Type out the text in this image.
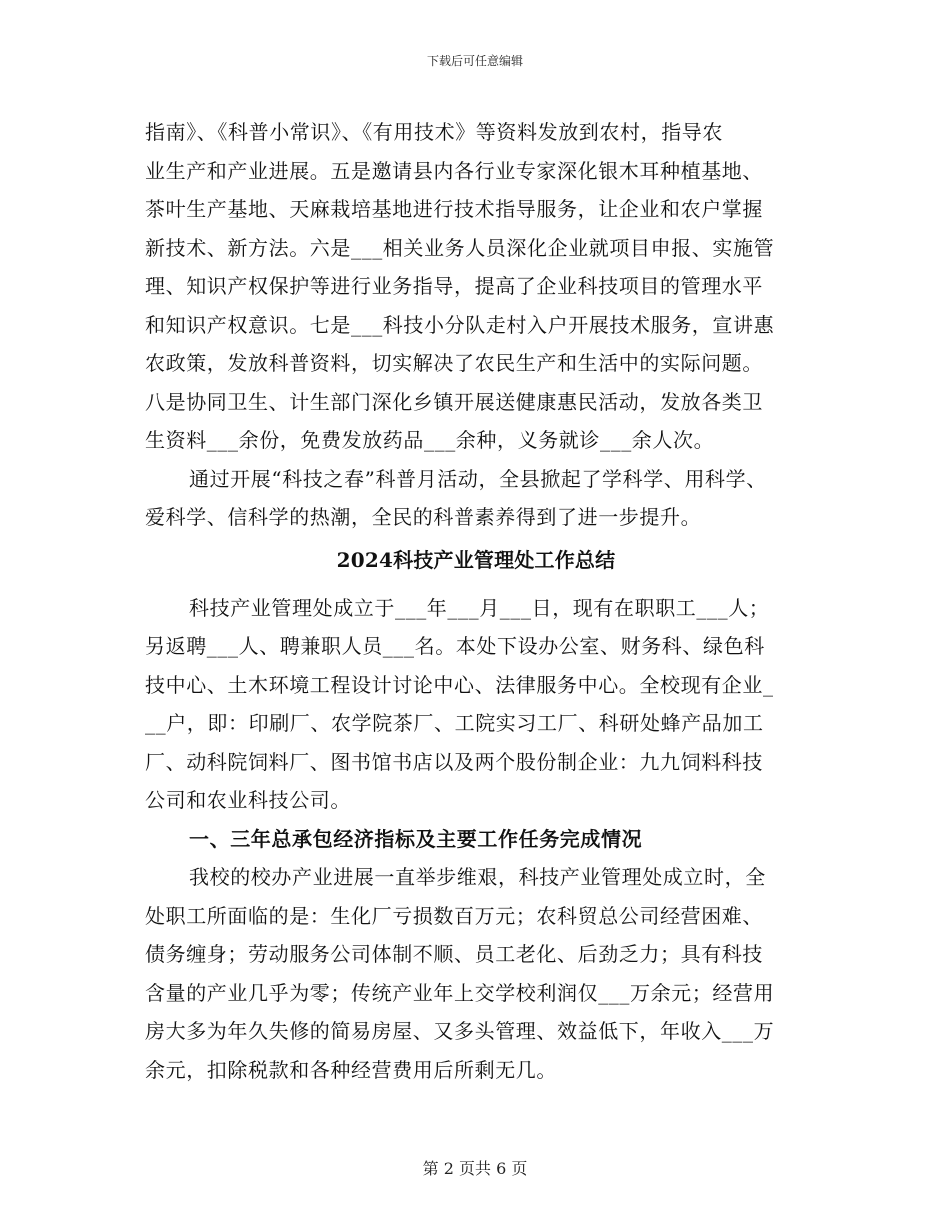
下载后可任意编辑
指南》、《科普小常识》、《有用技术》等资料发放到农村，指导农
业生产和产业进展。五是邀请县内各行业专家深化银木耳种植基地、
茶叶生产基地、天麻栽培基地进行技术指导服务，让企业和农户掌握
新技术、新方法。六是___相关业务人员深化企业就项目申报、实施管
理、知识产权保护等进行业务指导，提高了企业科技项目的管理水平
和知识产权意识。七是___科技小分队走村入户开展技术服务，宣讲惠
农政策，发放科普资料，切实解决了农民生产和生活中的实际问题。
八是协同卫生、计生部门深化乡镇开展送健康惠民活动，发放各类卫
生资料___余份，免费发放药品___余种，义务就诊___余人次。
通过开展“科技之春”科普月活动，全县掀起了学科学、用科学、
爱科学、信科学的热潮，全民的科普素养得到了进一步提升。
2024科技产业管理处工作总结
科技产业管理处成立于___年___月___日，现有在职职工___人；
另返聘___人、聘兼职人员___名。本处下设办公室、财务科、绿色科
技中心、土木环境工程设计讨论中心、法律服务中心。全校现有企业_
__户，即：印刷厂、农学院茶厂、工院实习工厂、科研处蜂产品加工
厂、动科院饲料厂、图书馆书店以及两个股份制企业：九九饲料科技
公司和农业科技公司。
一、三年总承包经济指标及主要工作任务完成情况
我校的校办产业进展一直举步维艰，科技产业管理处成立时，全
处职工所面临的是：生化厂亏损数百万元；农科贸总公司经营困难、
债务缠身；劳动服务公司体制不顺、员工老化、后劲乏力；具有科技
含量的产业几乎为零；传统产业年上交学校利润仅___万余元；经营用
房大多为年久失修的简易房屋、又多头管理、效益低下，年收入___万
余元，扣除税款和各种经营费用后所剩无几。
第 2 页共 6 页
